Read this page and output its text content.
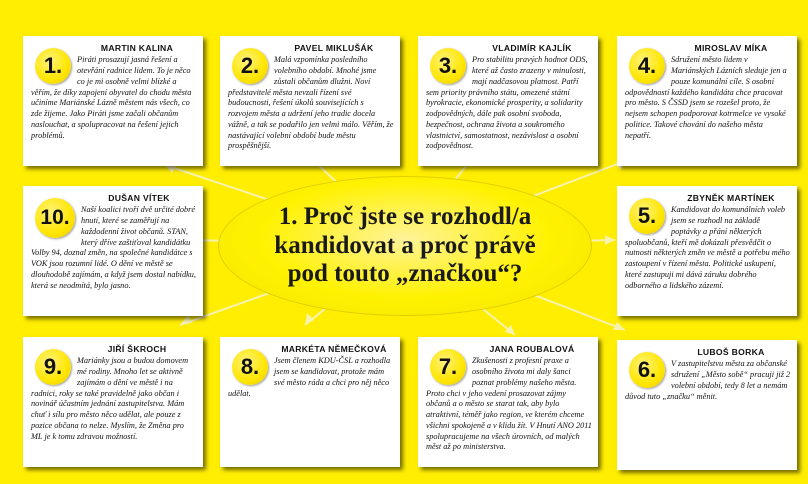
1. Proč jste se rozhodl/a kandidovat a proč právě pod touto „značkou“?
1.
MARTIN KALINA
Piráti prosazují jasná řešení a otevřání radnice lidem. To je něco co je mi osobně velmi blízké a věřím, že díky zapojení obyvatel do chodu města učiníme Mariánské Lázně městem nás všech, co zde žijeme. Jako Piráti jsme začali občanům naslouchat, a spolupracovat na řešení jejich problémů.
2.
PAVEL MIKLUŠÁK
Malá vzpomínka posledního volebního období. Mnohé jsme zůstali občanům dlužni. Noví představitelé města nevzali řízení své budoucnosti, řešení úkolů souvisejících s rozvojem města a udržení jeho tradic docela vážně, a tak se podařilo jen velmi málo. Věřím, že nastávající volební období bude městu prospěšnější.
3.
VLADIMÍR KAJLÍK
Pro stabilitu pravých hodnot ODS, které až často zrazeny v minulosti, mají nadčasovou platnost. Patří sem priority právního státu, omezené státní byrokracie, ekonomické prosperity, a solidarity zodpovědných, dále pak osobní svoboda, bezpečnost, ochrana života a soukromého vlastnictví, samostatnost, nezávislost a osobní zodpovědnost.
4.
MIROSLAV MÍKA
Sdružení město lidem v Mariánských Lázních sleduje jen a pouze komunální cíle. S osobní odpovědností každého kandidáta chce pracovat pro město. S ČSSD jsem se rozešel proto, že nejsem schopen podporovat kotrmelce ve vysoké politice. Takové chování do našeho města nepatří.
5.
ZBYNĚK MARTÍNEK
Kandidovat do komunálních voleb jsem se rozhodl na základě poptávky a přání některých spoluobčanů, kteří mě dokázali přesvědčit o nutnosti některých změn ve městě a potřebu mého zastoupení v řízení města. Politické uskupení, které zastupuji mi dává záruku dobrého odborného a lidského zázemí.
6.
LUBOŠ BORKA
V zastupitelstvu města za občanské sdružení „Město sobě“ pracuji již 2 volební období, tedy 8 let a nemám důvod tuto „značku“ měnit.
7.
JANA ROUBALOVÁ
Zkušenosti z profesní praxe a osobního života mi daly šanci poznat problémy našeho města. Proto chci v jeho vedení prosazovat zájmy občanů a o město se starat tak, aby bylo atraktivní, téměř jako region, ve kterém chceme všichni spokojeně a v klidu žít. V Hnutí ANO 2011 spolupracujeme na všech úrovních, od malých měst až po ministerstva.
8.
MARKÉTA NĚMEČKOVÁ
Jsem členem KDU-ČSL a rozhodla jsem se kandidovat, protože mám své město ráda a chci pro něj něco udělat.
9.
JIŘÍ ŠKROCH
Mariánky jsou a budou domovem mé rodiny. Mnoho let se aktivně zajímám o dění ve městě i na radnici, roky se také pravidelně jako občan i novinář účastním jednání zastupitelstva. Mám chuť i sílu pro město něco udělat, ale pouze z pozice občana to nelze. Myslím, že Změna pro ML je k tomu zdravou možností.
10.
DUŠAN VÍTEK
Naší koalici tvoří dvě určité dobré hnutí, které se zaměřují na každodenní život občanů. STAN, který dříve zaštiťoval kandidátku Volby 94, doznal změn, na společné kandidátce s VOK jsou rozumní lidé. O dění ve městě se dlouhodobě zajímám, a když jsem dostal nabídku, která se neodmítá, bylo jasno.
